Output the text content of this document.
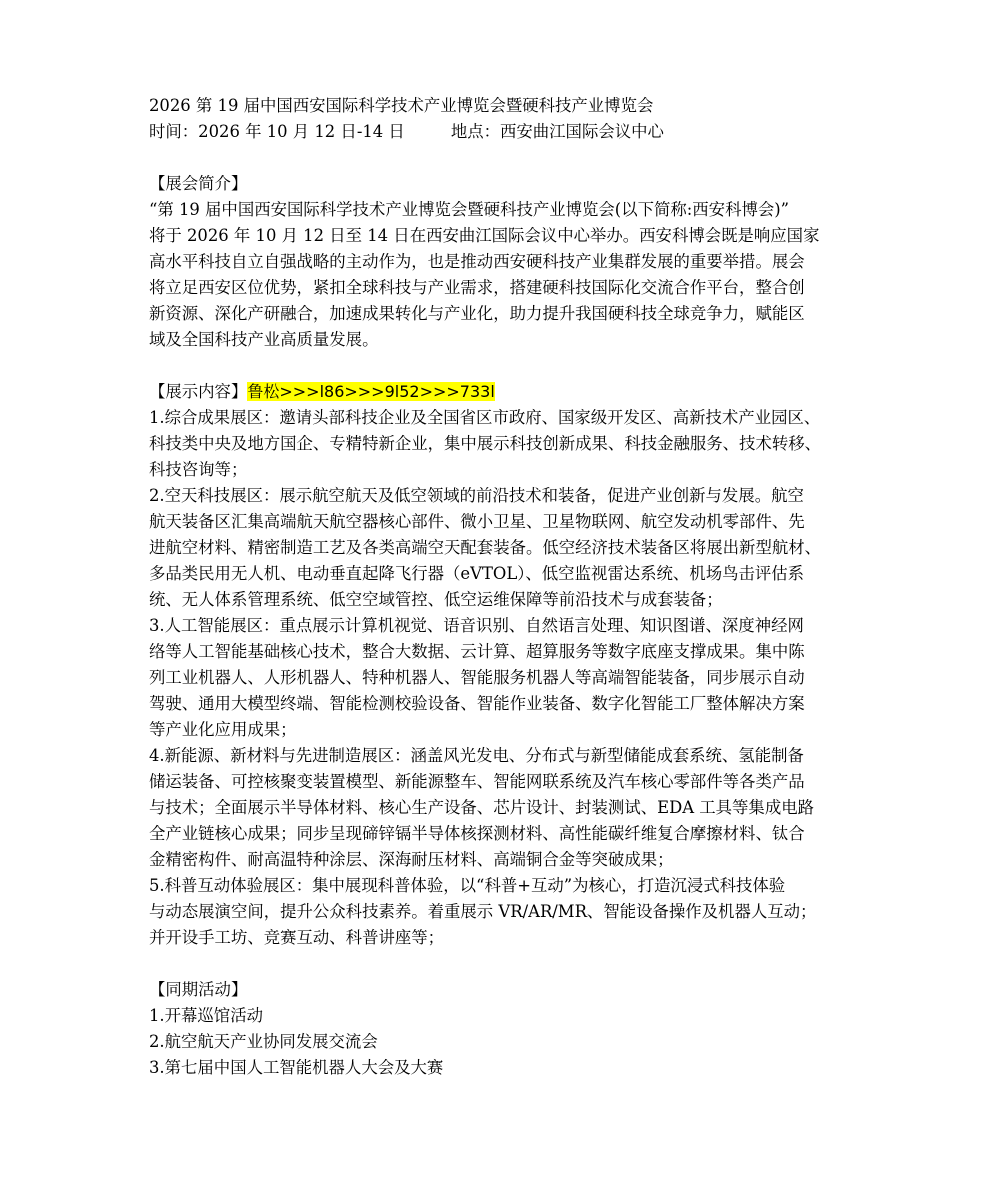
2026 第 19 届中国西安国际科学技术产业博览会暨硬科技产业博览会
时间：2026 年 10 月 12 日-14 日	地点：西安曲江国际会议中心
【展会简介】
“第 19 届中国西安国际科学技术产业博览会暨硬科技产业博览会(以下简称:西安科博会)”
将于 2026 年 10 月 12 日至 14 日在西安曲江国际会议中心举办。西安科博会既是响应国家
高水平科技自立自强战略的主动作为，也是推动西安硬科技产业集群发展的重要举措。展会
将立足西安区位优势，紧扣全球科技与产业需求，搭建硬科技国际化交流合作平台，整合创
新资源、深化产研融合，加速成果转化与产业化，助力提升我国硬科技全球竞争力，赋能区
域及全国科技产业高质量发展。
【展示内容】鲁松>>>l86>>>9l52>>>733l
1.综合成果展区：邀请头部科技企业及全国省区市政府、国家级开发区、高新技术产业园区、
科技类中央及地方国企、专精特新企业，集中展示科技创新成果、科技金融服务、技术转移、
科技咨询等；
2.空天科技展区：展示航空航天及低空领域的前沿技术和装备，促进产业创新与发展。航空
航天装备区汇集高端航天航空器核心部件、微小卫星、卫星物联网、航空发动机零部件、先
进航空材料、精密制造工艺及各类高端空天配套装备。低空经济技术装备区将展出新型航材、
多品类民用无人机、电动垂直起降飞行器（eVTOL）、低空监视雷达系统、机场鸟击评估系
统、无人体系管理系统、低空空域管控、低空运维保障等前沿技术与成套装备；
3.人工智能展区：重点展示计算机视觉、语音识别、自然语言处理、知识图谱、深度神经网
络等人工智能基础核心技术，整合大数据、云计算、超算服务等数字底座支撑成果。集中陈
列工业机器人、人形机器人、特种机器人、智能服务机器人等高端智能装备，同步展示自动
驾驶、通用大模型终端、智能检测校验设备、智能作业装备、数字化智能工厂整体解决方案
等产业化应用成果；
4.新能源、新材料与先进制造展区：涵盖风光发电、分布式与新型储能成套系统、氢能制备
储运装备、可控核聚变装置模型、新能源整车、智能网联系统及汽车核心零部件等各类产品
与技术；全面展示半导体材料、核心生产设备、芯片设计、封装测试、EDA 工具等集成电路
全产业链核心成果；同步呈现碲锌镉半导体核探测材料、高性能碳纤维复合摩擦材料、钛合
金精密构件、耐高温特种涂层、深海耐压材料、高端铜合金等突破成果；
5.科普互动体验展区：集中展现科普体验，以“科普+互动”为核心，打造沉浸式科技体验
与动态展演空间，提升公众科技素养。着重展示 VR/AR/MR、智能设备操作及机器人互动；
并开设手工坊、竞赛互动、科普讲座等；
【同期活动】
1.开幕巡馆活动
2.航空航天产业协同发展交流会
3.第七届中国人工智能机器人大会及大赛
